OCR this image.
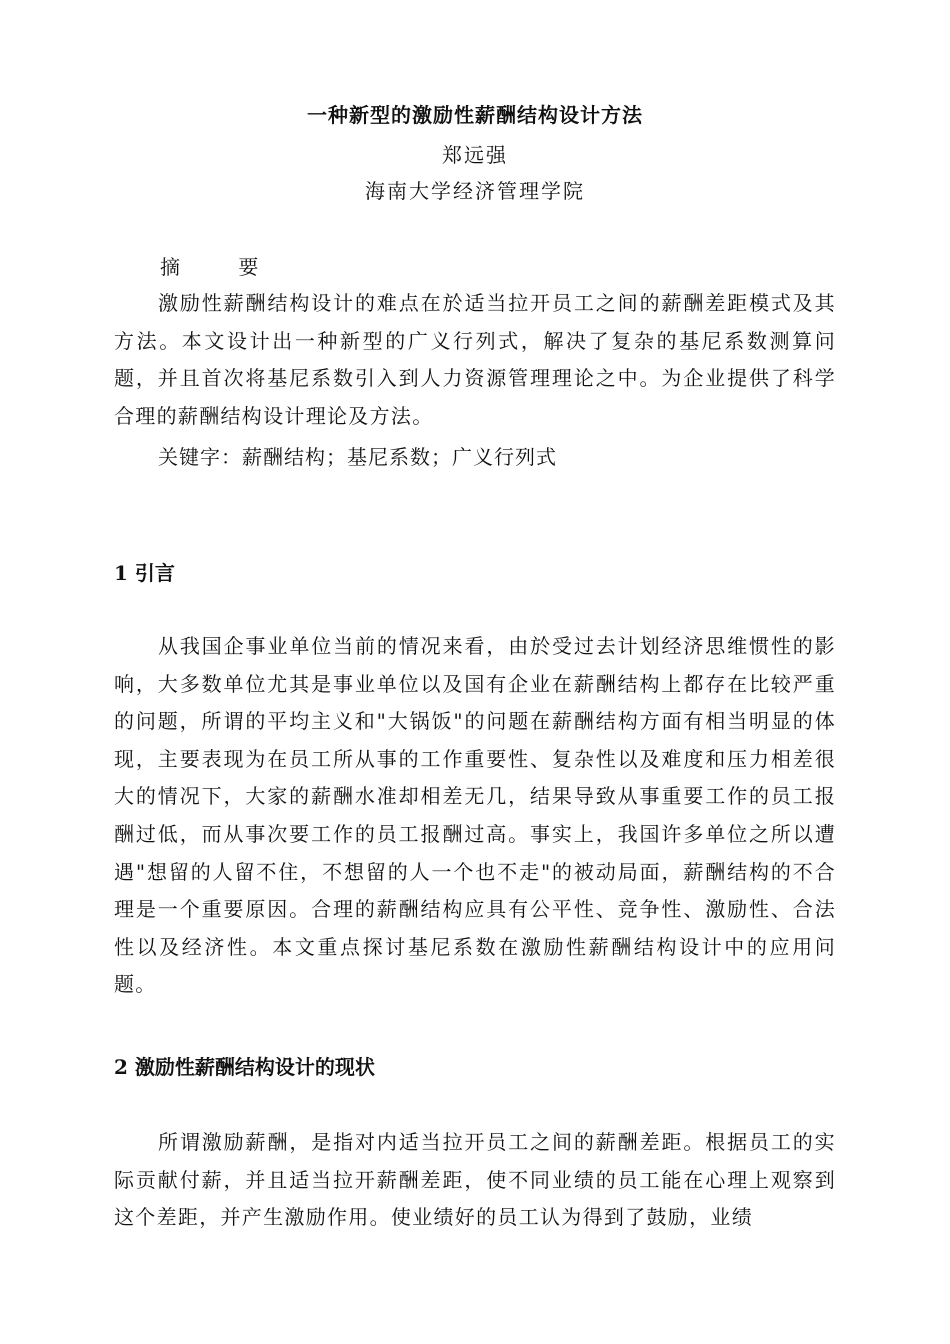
一种新型的激励性薪酬结构设计方法
郑远强
海南大学经济管理学院
摘 要

激励性薪酬结构设计的难点在於适当拉开员工之间的薪酬差距模式及其方法。本文设计出一种新型的广义行列式，解决了复杂的基尼系数测算问题，并且首次将基尼系数引入到人力资源管理理论之中。为企业提供了科学合理的薪酬结构设计理论及方法。

关键字：薪酬结构；基尼系数；广义行列式
1 引言

从我国企事业单位当前的情况来看，由於受过去计划经济思维惯性的影响，大多数单位尤其是事业单位以及国有企业在薪酬结构上都存在比较严重的问题，所谓的平均主义和"大锅饭"的问题在薪酬结构方面有相当明显的体现，主要表现为在员工所从事的工作重要性、复杂性以及难度和压力相差很大的情况下，大家的薪酬水准却相差无几，结果导致从事重要工作的员工报酬过低，而从事次要工作的员工报酬过高。事实上，我国许多单位之所以遭遇"想留的人留不住，不想留的人一个也不走"的被动局面，薪酬结构的不合理是一个重要原因。合理的薪酬结构应具有公平性、竞争性、激励性、合法性以及经济性。本文重点探讨基尼系数在激励性薪酬结构设计中的应用问题。

2 激励性薪酬结构设计的现状

所谓激励薪酬，是指对内适当拉开员工之间的薪酬差距。根据员工的实际贡献付薪，并且适当拉开薪酬差距，使不同业绩的员工能在心理上观察到这个差距，并产生激励作用。使业绩好的员工认为得到了鼓励，业绩
